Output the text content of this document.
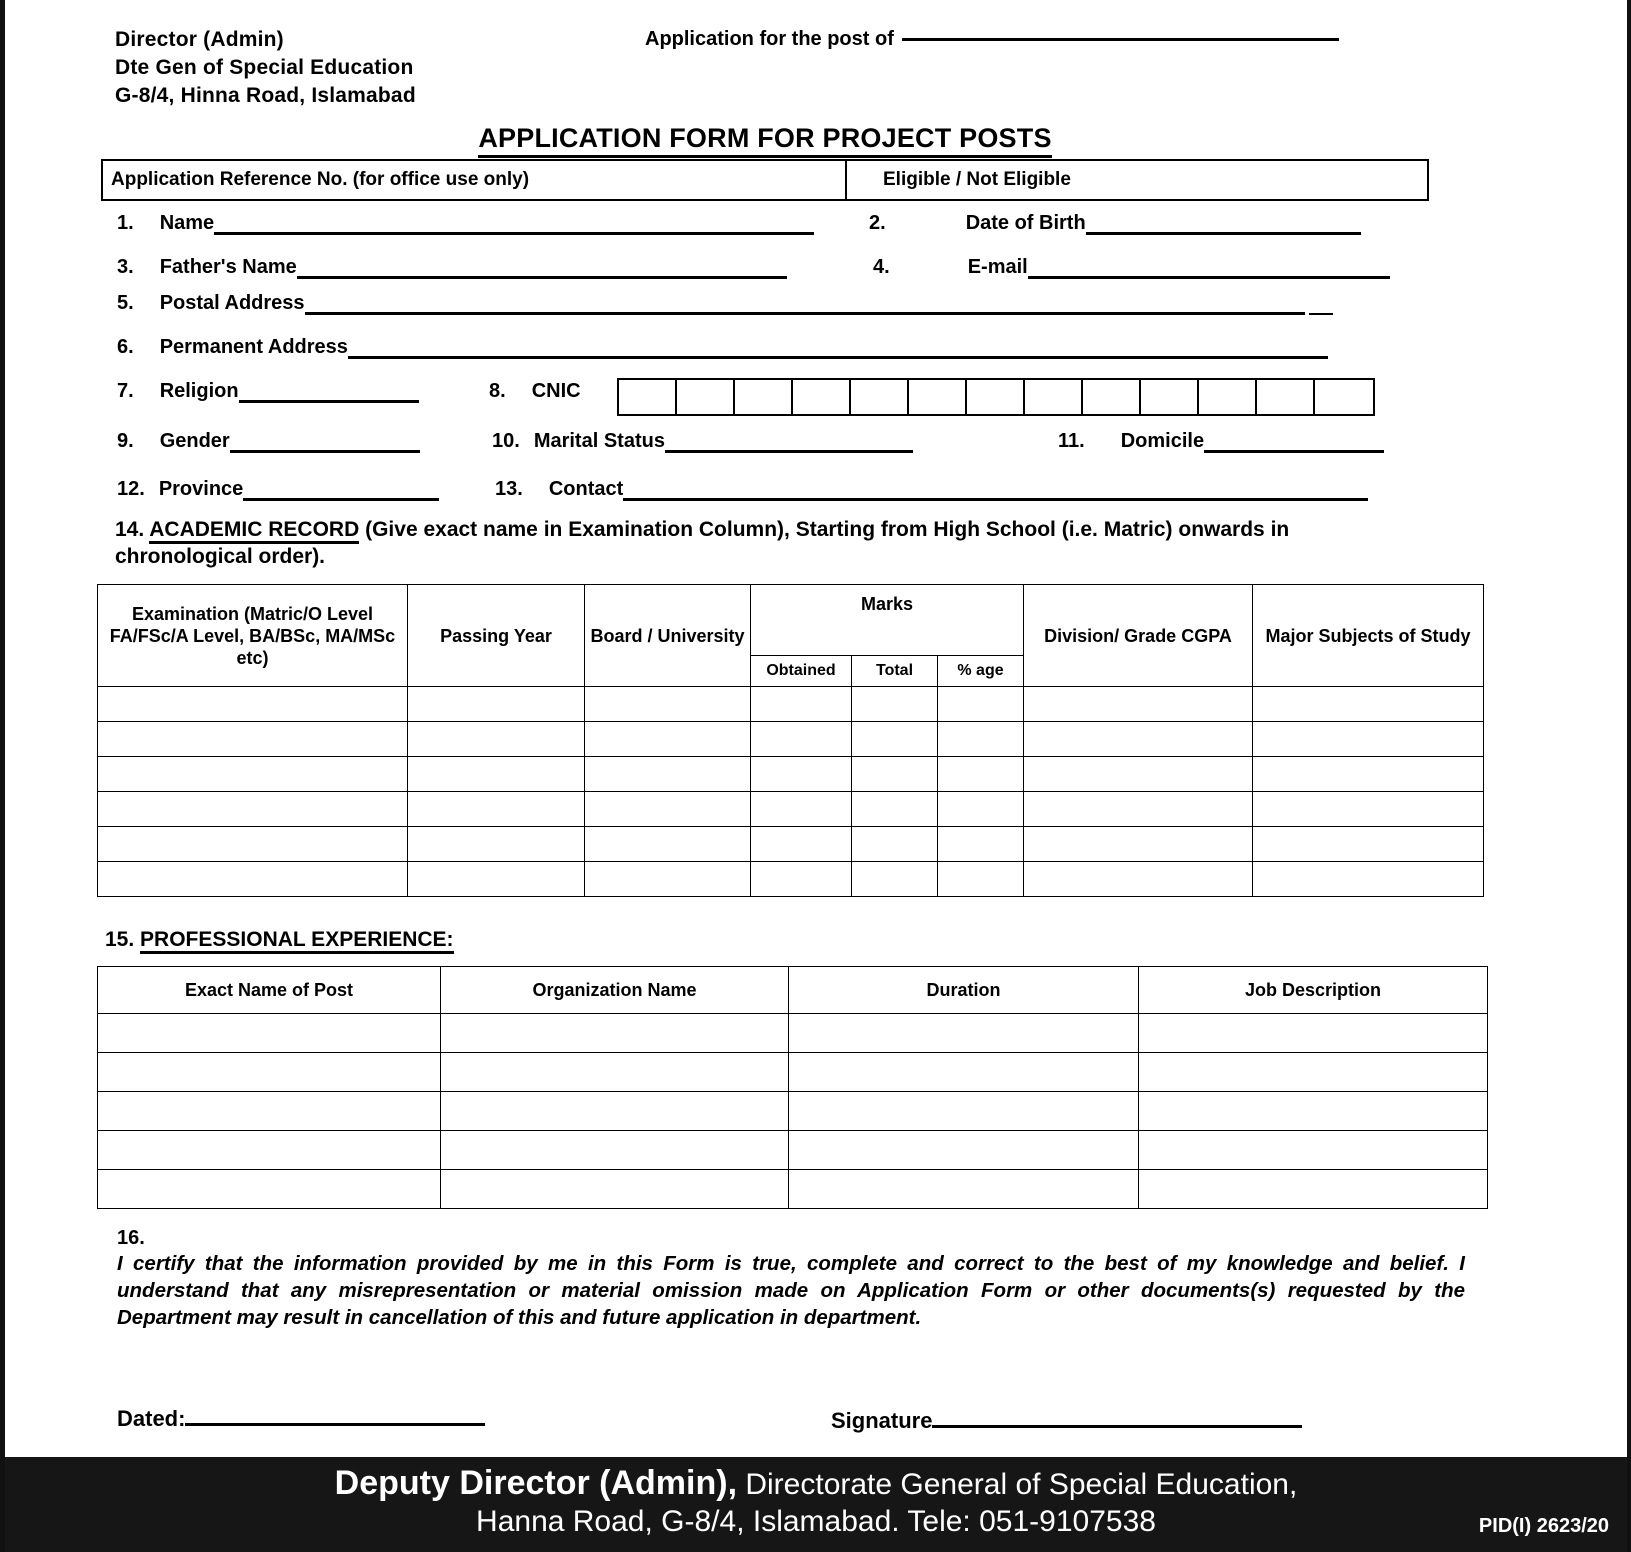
Director (Admin)
Dte Gen of Special Education
G-8/4, Hinna Road, Islamabad
Application for the post of
APPLICATION FORM FOR PROJECT POSTS
Application Reference No. (for office use only)	Eligible / Not Eligible
1. Name	2.	Date of Birth
3. Father's Name	4.	E-mail
5. Postal Address
6. Permanent Address
7. Religion	8. CNIC
9. Gender	10. Marital Status	11. Domicile
12. Province	13. Contact
14. ACADEMIC RECORD (Give exact name in Examination Column), Starting from High School (i.e. Matric) onwards in chronological order).
Examination (Matric/O Level FA/FSc/A Level, BA/BSc, MA/MSc etc)	Passing Year	Board / University	Marks			Division/ Grade CGPA	Major Subjects of Study
			Obtained	Total	% age		

15. PROFESSIONAL EXPERIENCE:
Exact Name of Post	Organization Name	Duration	Job Description

16.
I certify that the information provided by me in this Form is true, complete and correct to the best of my knowledge and belief. I understand that any misrepresentation or material omission made on Application Form or other documents(s) requested by the Department may result in cancellation of this and future application in department.
Dated:	Signature
Deputy Director (Admin), Directorate General of Special Education,
Hanna Road, G-8/4, Islamabad. Tele: 051-9107538	PID(I) 2623/20
